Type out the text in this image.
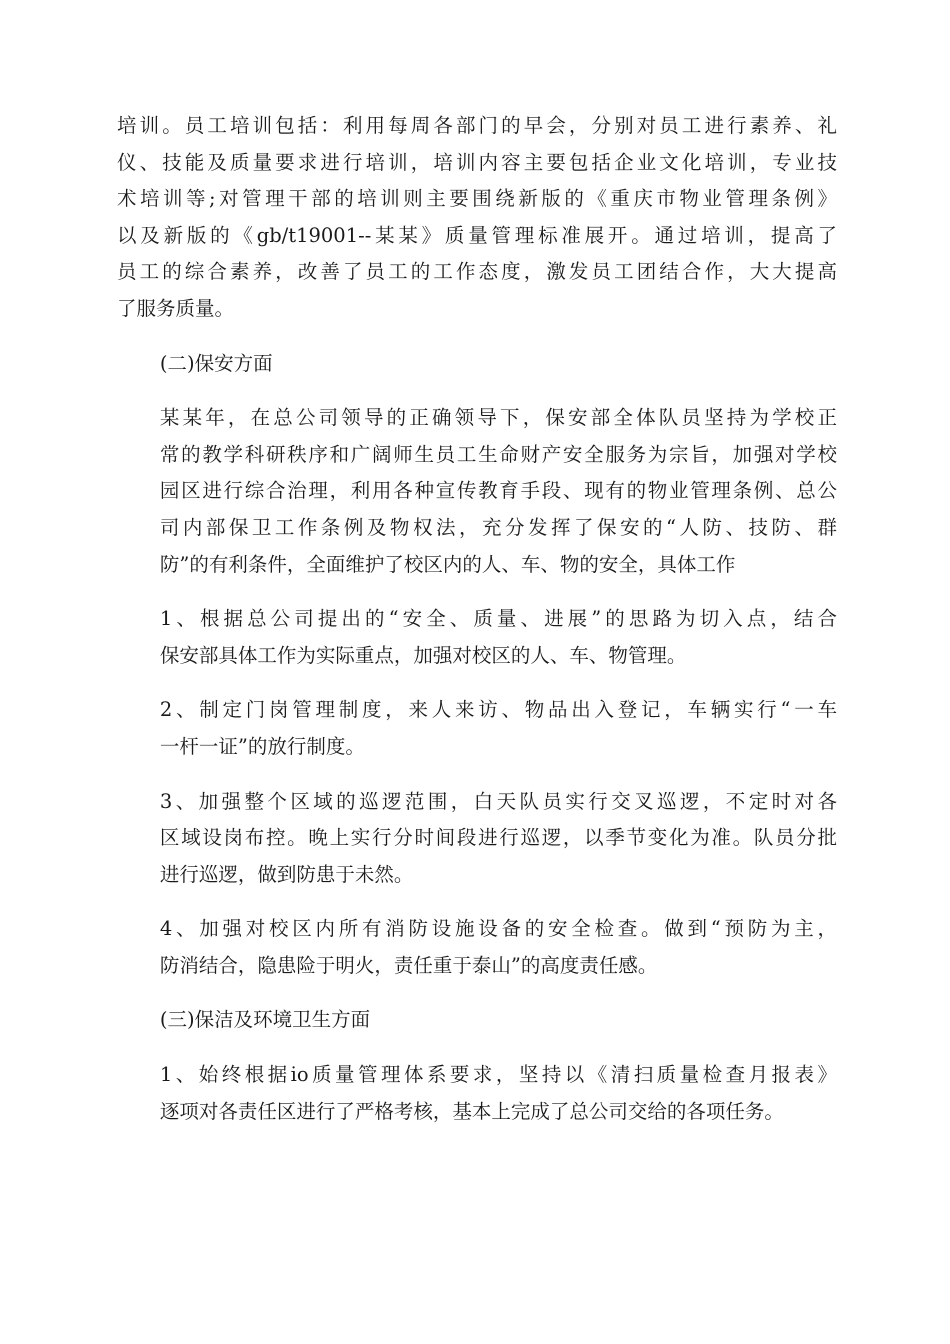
培训。员工培训包括：利用每周各部门的早会，分别对员工进行素养、礼
仪、技能及质量要求进行培训，培训内容主要包括企业文化培训，专业技
术培训等;对管理干部的培训则主要围绕新版的《重庆市物业管理条例》
以及新版的《gb/t19001--某某》质量管理标准展开。通过培训，提高了
员工的综合素养，改善了员工的工作态度，激发员工团结合作，大大提高
了服务质量。
(二)保安方面
某某年，在总公司领导的正确领导下，保安部全体队员坚持为学校正
常的教学科研秩序和广阔师生员工生命财产安全服务为宗旨，加强对学校
园区进行综合治理，利用各种宣传教育手段、现有的物业管理条例、总公
司内部保卫工作条例及物权法，充分发挥了保安的“人防、技防、群
防”的有利条件，全面维护了校区内的人、车、物的安全，具体工作
1、根据总公司提出的“安全、质量、进展”的思路为切入点，结合
保安部具体工作为实际重点，加强对校区的人、车、物管理。
2、制定门岗管理制度，来人来访、物品出入登记，车辆实行“一车
一杆一证”的放行制度。
3、加强整个区域的巡逻范围，白天队员实行交叉巡逻，不定时对各
区域设岗布控。晚上实行分时间段进行巡逻，以季节变化为准。队员分批
进行巡逻，做到防患于未然。
4、加强对校区内所有消防设施设备的安全检查。做到“预防为主，
防消结合，隐患险于明火，责任重于泰山”的高度责任感。
(三)保洁及环境卫生方面
1、始终根据io质量管理体系要求，坚持以《清扫质量检查月报表》
逐项对各责任区进行了严格考核，基本上完成了总公司交给的各项任务。
